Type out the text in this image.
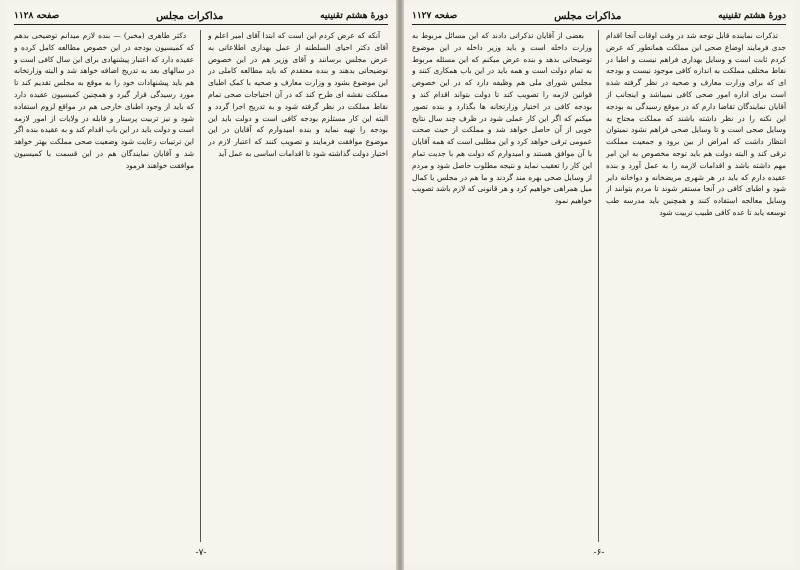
دورهٔ هشتم تقنینیه
مذاکرات مجلس
صفحه ۱۱۲۸

آنکه که عرض کردم این است که ابتدا آقای امیر اعلم و آقای دکتر احیای السلطنه از عمل بهداری اطلاعاتی به عرض مجلس برسانند و آقای وزیر هم در این خصوص توضیحاتی بدهند و بنده معتقدم که باید مطالعه کاملی در این موضوع بشود و وزارت معارف و صحیه با کمک اطبای مملکت نقشه ای طرح کند که در آن احتیاجات صحی تمام نقاط مملکت در نظر گرفته شود و به تدریج اجرا گردد و البته این کار مستلزم بودجه کافی است و دولت باید این بودجه را تهیه نماید و بنده امیدوارم که آقایان در این موضوع موافقت فرمایند و تصویب کنند که اعتبار لازم در اختیار دولت گذاشته شود تا اقدامات اساسی به عمل آید

دکتر طاهری (مخبر) — بنده لازم میدانم توضیحی بدهم که کمیسیون بودجه در این خصوص مطالعه کامل کرده و عقیده دارد که اعتبار پیشنهادی برای این سال کافی است و در سالهای بعد به تدریج اضافه خواهد شد و البته وزارتخانه هم باید پیشنهادات خود را به موقع به مجلس تقدیم کند تا مورد رسیدگی قرار گیرد و همچنین کمیسیون عقیده دارد که باید از وجود اطبای خارجی هم در مواقع لزوم استفاده شود و نیز تربیت پرستار و قابله در ولایات از امور لازمه است و دولت باید در این باب اقدام کند و به عقیده بنده اگر این ترتیبات رعایت شود وضعیت صحی مملکت بهتر خواهد شد و آقایان نمایندگان هم در این قسمت با کمیسیون موافقت خواهند فرمود

-۷-
دورهٔ هشتم تقنینیه
مذاکرات مجلس
صفحه ۱۱۲۷

تذکرات نماینده قابل توجه شد در وقت اوقات آنجا اقدام جدی فرمایند اوضاع صحی این مملکت همانطور که عرض کردم ثابت است و وسایل بهداری فراهم نیست و اطبا در نقاط مختلف مملکت به اندازه کافی موجود نیست و بودجه ای که برای وزارت معارف و صحیه در نظر گرفته شده است برای اداره امور صحی کافی نمیباشد و اینجانب از آقایان نمایندگان تقاضا دارم که در موقع رسیدگی به بودجه این نکته را در نظر داشته باشند که مملکت محتاج به وسایل صحی است و تا وسایل صحی فراهم نشود نمیتوان انتظار داشت که امراض از بین برود و جمعیت مملکت ترقی کند و البته دولت هم باید توجه مخصوص به این امر مهم داشته باشد و اقدامات لازمه را به عمل آورد و بنده عقیده دارم که باید در هر شهری مریضخانه و دواخانه دایر شود و اطبای کافی در آنجا مستقر شوند تا مردم بتوانند از وسایل معالجه استفاده کنند و همچنین باید مدرسه طب توسعه یابد تا عده کافی طبیب تربیت شود

بعضی از آقایان تذکراتی دادند که این مسائل مربوط به وزارت داخله است و باید وزیر داخله در این موضوع توضیحاتی بدهد و بنده عرض میکنم که این مسئله مربوط به تمام دولت است و همه باید در این باب همکاری کنند و مجلس شورای ملی هم وظیفه دارد که در این خصوص قوانین لازمه را تصویب کند تا دولت بتواند اقدام کند و بودجه کافی در اختیار وزارتخانه ها بگذارد و بنده تصور میکنم که اگر این کار عملی شود در ظرف چند سال نتایج خوبی از آن حاصل خواهد شد و مملکت از حیث صحت عمومی ترقی خواهد کرد و این مطلبی است که همه آقایان با آن موافق هستند و امیدوارم که دولت هم با جدیت تمام این کار را تعقیب نماید و نتیجه مطلوب حاصل شود و مردم از وسایل صحی بهره مند گردند و ما هم در مجلس با کمال میل همراهی خواهیم کرد و هر قانونی که لازم باشد تصویب خواهیم نمود

-۶-
